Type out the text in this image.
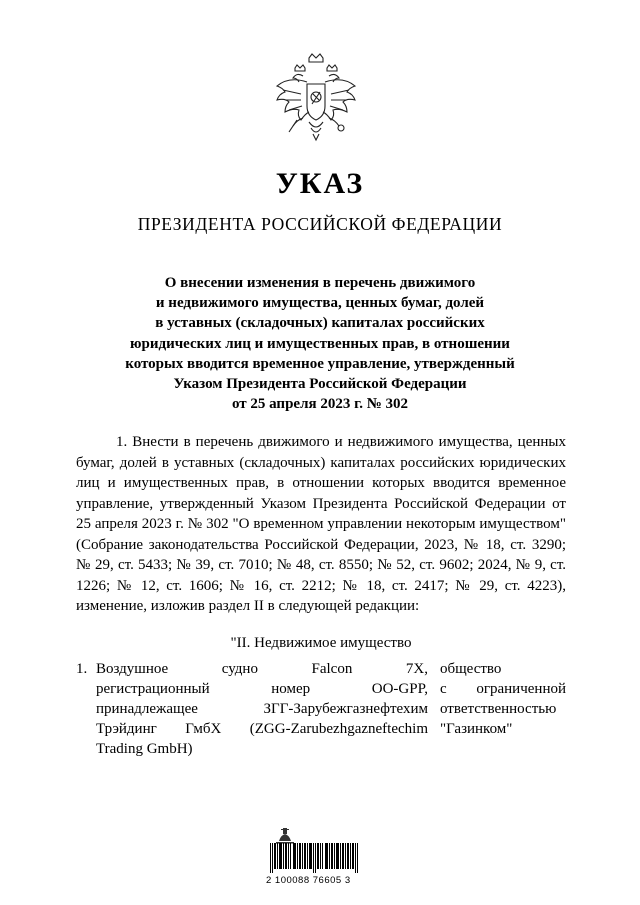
УКАЗ
ПРЕЗИДЕНТА РОССИЙСКОЙ ФЕДЕРАЦИИ
О внесении изменения в перечень движимого
и недвижимого имущества, ценных бумаг, долей
в уставных (складочных) капиталах российских
юридических лиц и имущественных прав, в отношении
которых вводится временное управление, утвержденный
Указом Президента Российской Федерации
от 25 апреля 2023 г. № 302

1. Внести в перечень движимого и недвижимого имущества, ценных бумаг, долей в уставных (складочных) капиталах российских юридических лиц и имущественных прав, в отношении которых вводится временное управление, утвержденный Указом Президента Российской Федерации от 25 апреля 2023 г. № 302 "О временном управлении некоторым имуществом" (Собрание законодательства Российской Федерации, 2023, № 18, ст. 3290; № 29, ст. 5433; № 39, ст. 7010; № 48, ст. 8550; № 52, ст. 9602; 2024, № 9, ст. 1226; № 12, ст. 1606; № 16, ст. 2212; № 18, ст. 2417; № 29, ст. 4223), изменение, изложив раздел II в следующей редакции:

"II. Недвижимое имущество
1. Воздушное судно Falcon 7X,
регистрационный номер OO-GPP,
принадлежащее ЗГГ-Зарубежгазнефтехим
Трэйдинг ГмбХ (ZGG-Zarubezhgazneftechim
Trading GmbH)
общество
с ограниченной
ответственностью
"Газинком"
2 100088 76605 3
